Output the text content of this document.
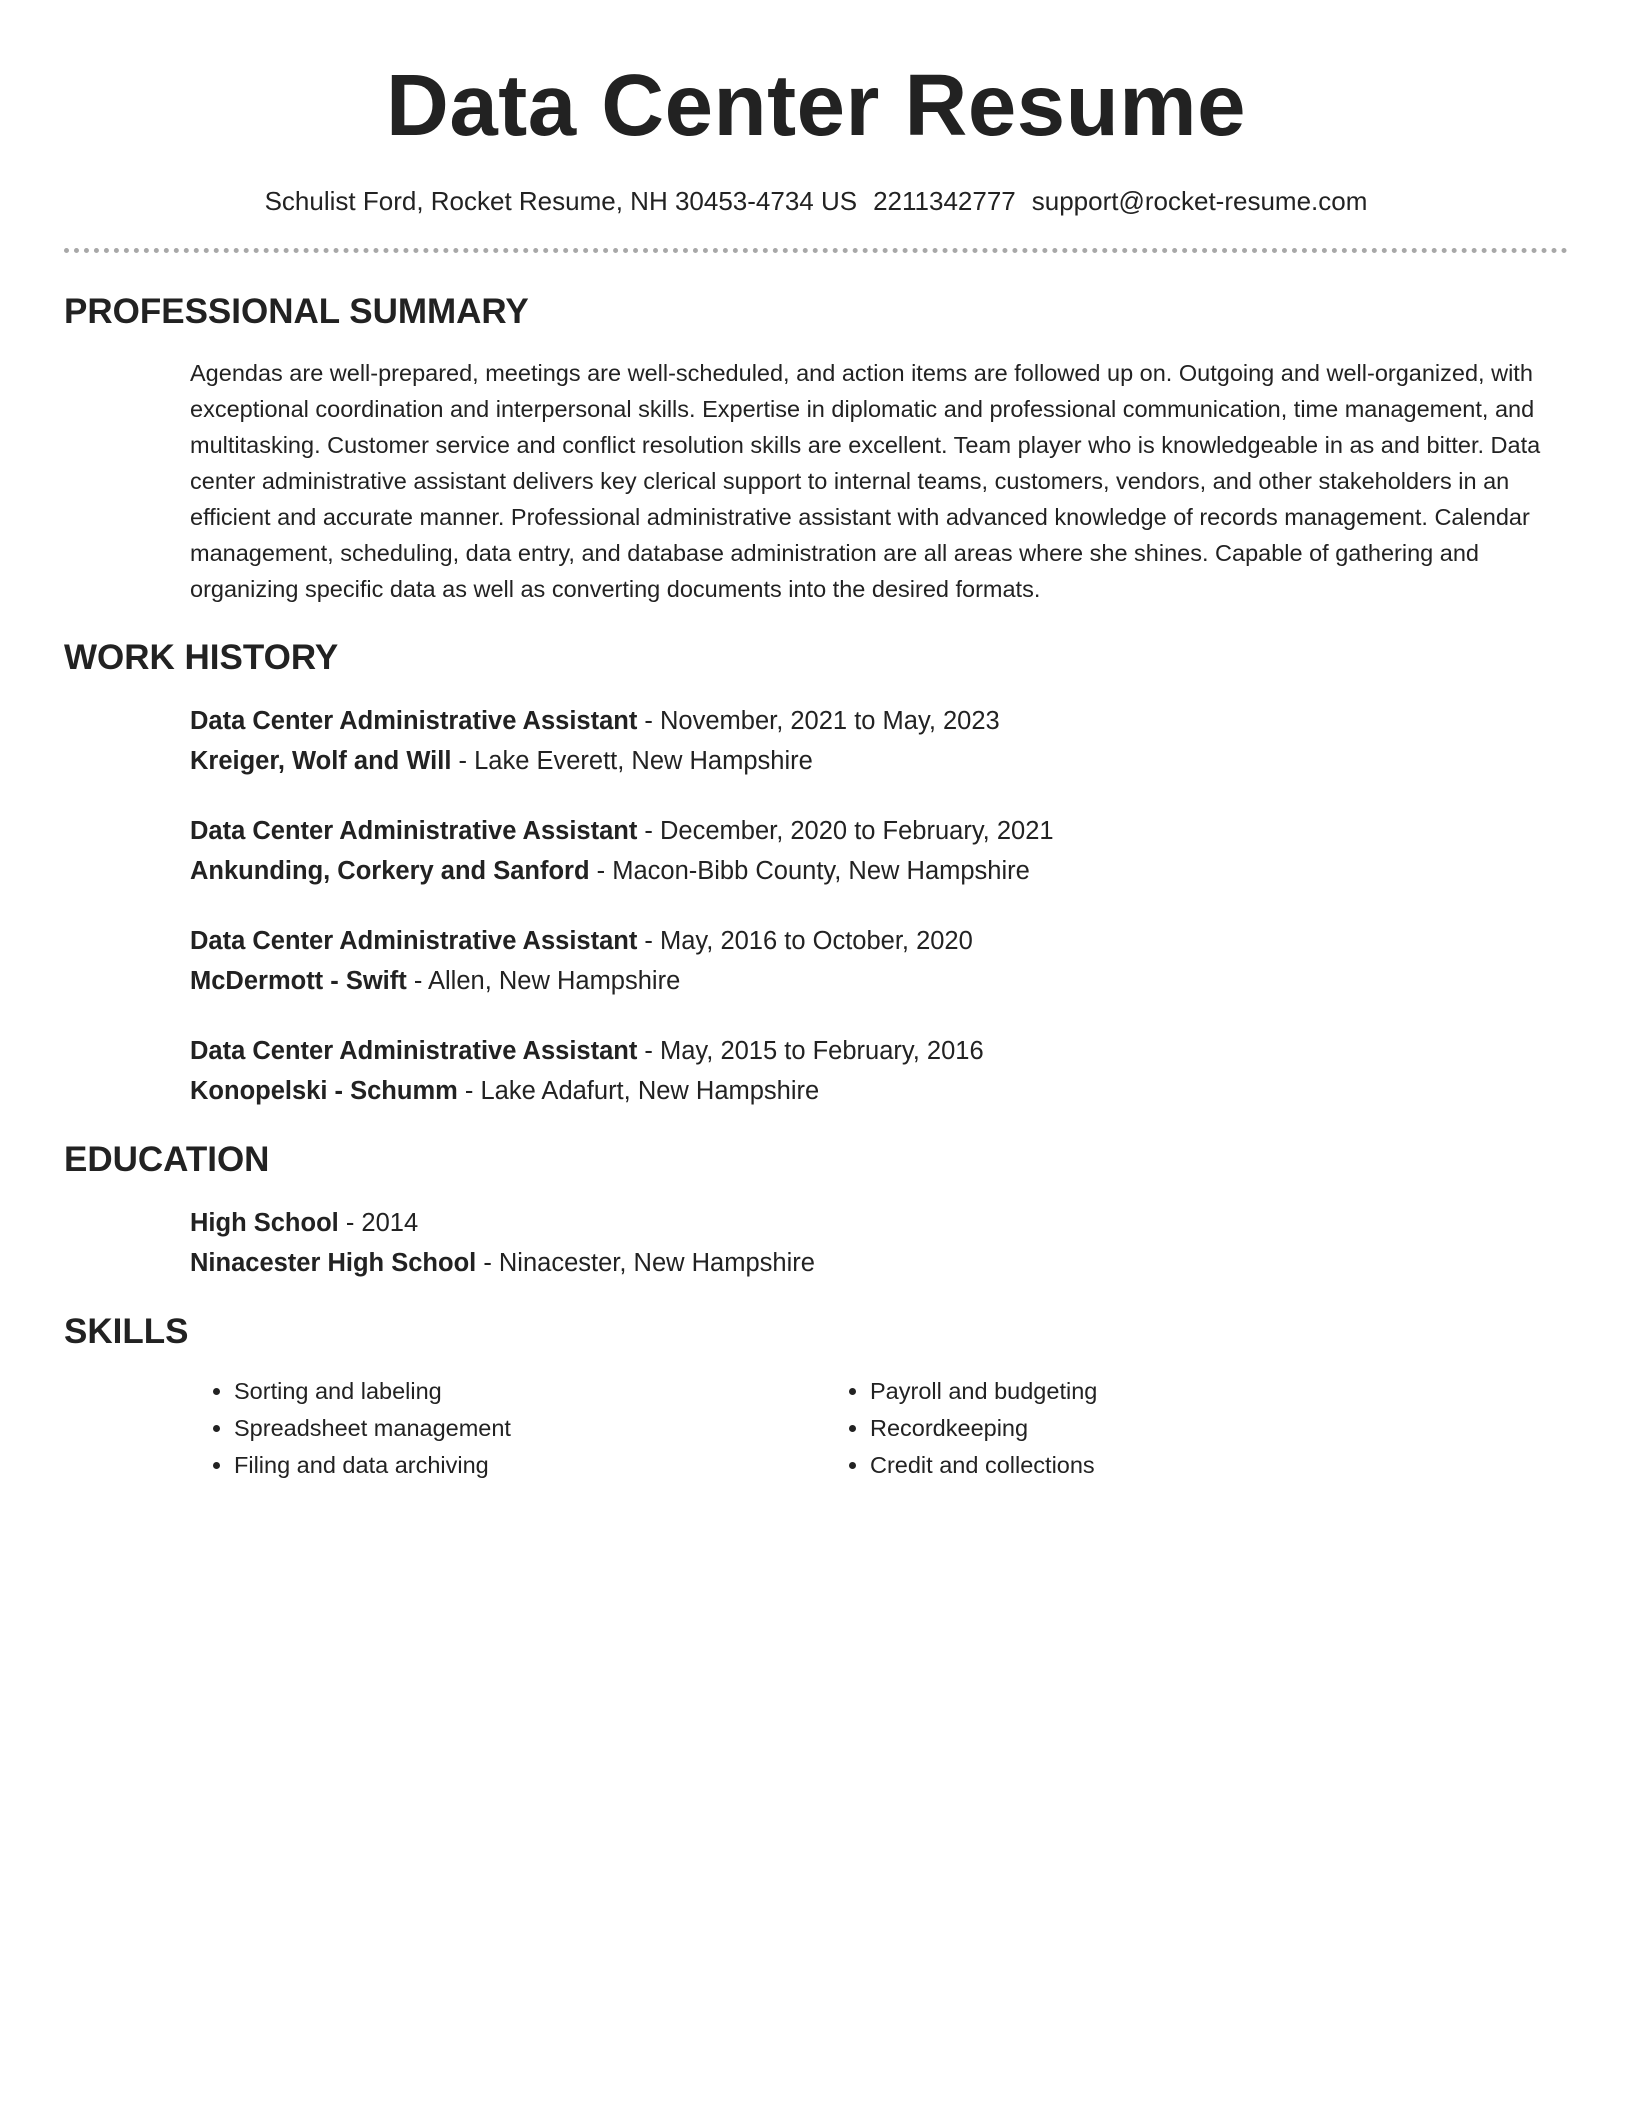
Data Center Resume
Schulist Ford, Rocket Resume, NH 30453-4734 US 2211342777 support@rocket-resume.com
PROFESSIONAL SUMMARY

Agendas are well-prepared, meetings are well-scheduled, and action items are followed up on. Outgoing and well-organized, with exceptional coordination and interpersonal skills. Expertise in diplomatic and professional communication, time management, and multitasking. Customer service and conflict resolution skills are excellent. Team player who is knowledgeable in as and bitter. Data center administrative assistant delivers key clerical support to internal teams, customers, vendors, and other stakeholders in an efficient and accurate manner. Professional administrative assistant with advanced knowledge of records management. Calendar management, scheduling, data entry, and database administration are all areas where she shines. Capable of gathering and organizing specific data as well as converting documents into the desired formats.

WORK HISTORY
Data Center Administrative Assistant - November, 2021 to May, 2023
Kreiger, Wolf and Will - Lake Everett, New Hampshire
Data Center Administrative Assistant - December, 2020 to February, 2021
Ankunding, Corkery and Sanford - Macon-Bibb County, New Hampshire
Data Center Administrative Assistant - May, 2016 to October, 2020
McDermott - Swift - Allen, New Hampshire
Data Center Administrative Assistant - May, 2015 to February, 2016
Konopelski - Schumm - Lake Adafurt, New Hampshire
EDUCATION
High School - 2014
Ninacester High School - Ninacester, New Hampshire
SKILLS
• Sorting and labeling
• Spreadsheet management
• Filing and data archiving
• Payroll and budgeting
• Recordkeeping
• Credit and collections
